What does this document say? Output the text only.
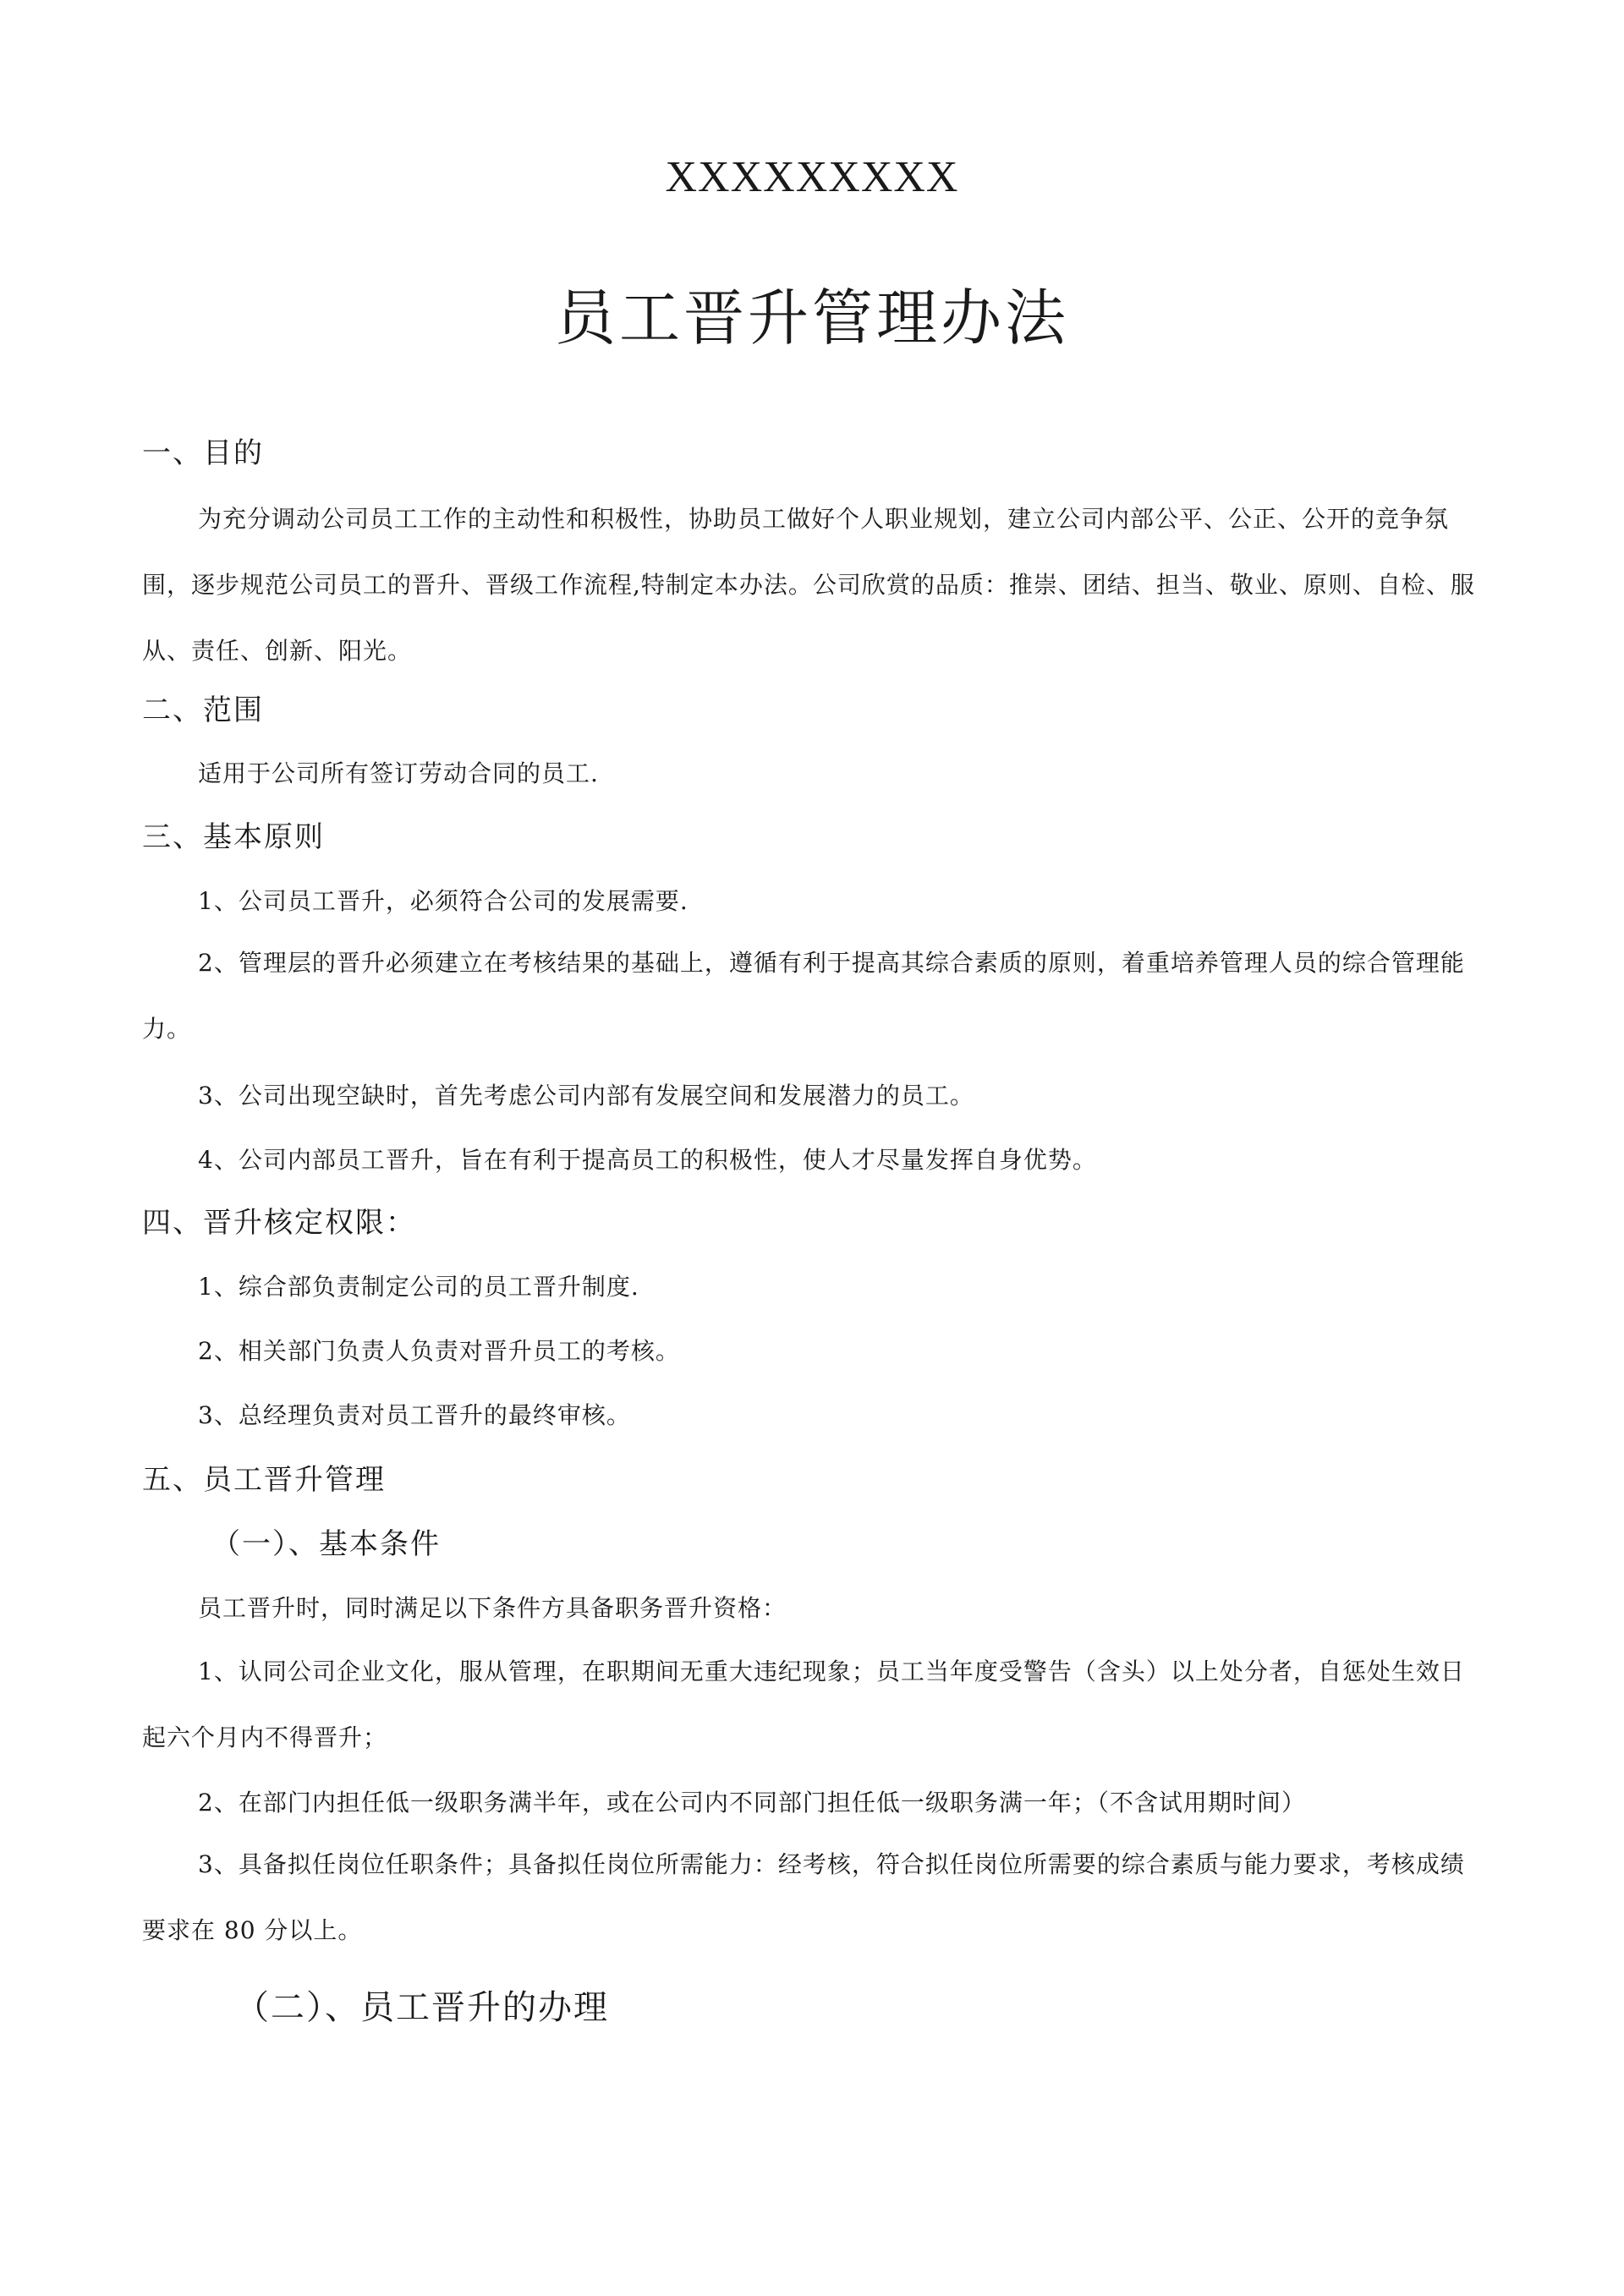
XXXXXXXXX
员工晋升管理办法
一、目的

为充分调动公司员工工作的主动性和积极性，协助员工做好个人职业规划，建立公司内部公平、公正、公开的竞争氛围，逐步规范公司员工的晋升、晋级工作流程,特制定本办法。公司欣赏的品质：推崇、团结、担当、敬业、原则、自检、服从、责任、创新、阳光。

二、范围
适用于公司所有签订劳动合同的员工.
三、基本原则
1、公司员工晋升，必须符合公司的发展需要.

2、管理层的晋升必须建立在考核结果的基础上，遵循有利于提高其综合素质的原则，着重培养管理人员的综合管理能力。

3、公司出现空缺时，首先考虑公司内部有发展空间和发展潜力的员工。
4、公司内部员工晋升，旨在有利于提高员工的积极性，使人才尽量发挥自身优势。
四、晋升核定权限：
1、综合部负责制定公司的员工晋升制度.
2、相关部门负责人负责对晋升员工的考核。
3、总经理负责对员工晋升的最终审核。
五、员工晋升管理
（一）、基本条件
员工晋升时，同时满足以下条件方具备职务晋升资格：

1、认同公司企业文化，服从管理，在职期间无重大违纪现象；员工当年度受警告（含头）以上处分者，自惩处生效日起六个月内不得晋升；

2、在部门内担任低一级职务满半年，或在公司内不同部门担任低一级职务满一年；（不含试用期时间）

3、具备拟任岗位任职条件；具备拟任岗位所需能力：经考核，符合拟任岗位所需要的综合素质与能力要求，考核成绩要求在 80 分以上。

（二）、员工晋升的办理
